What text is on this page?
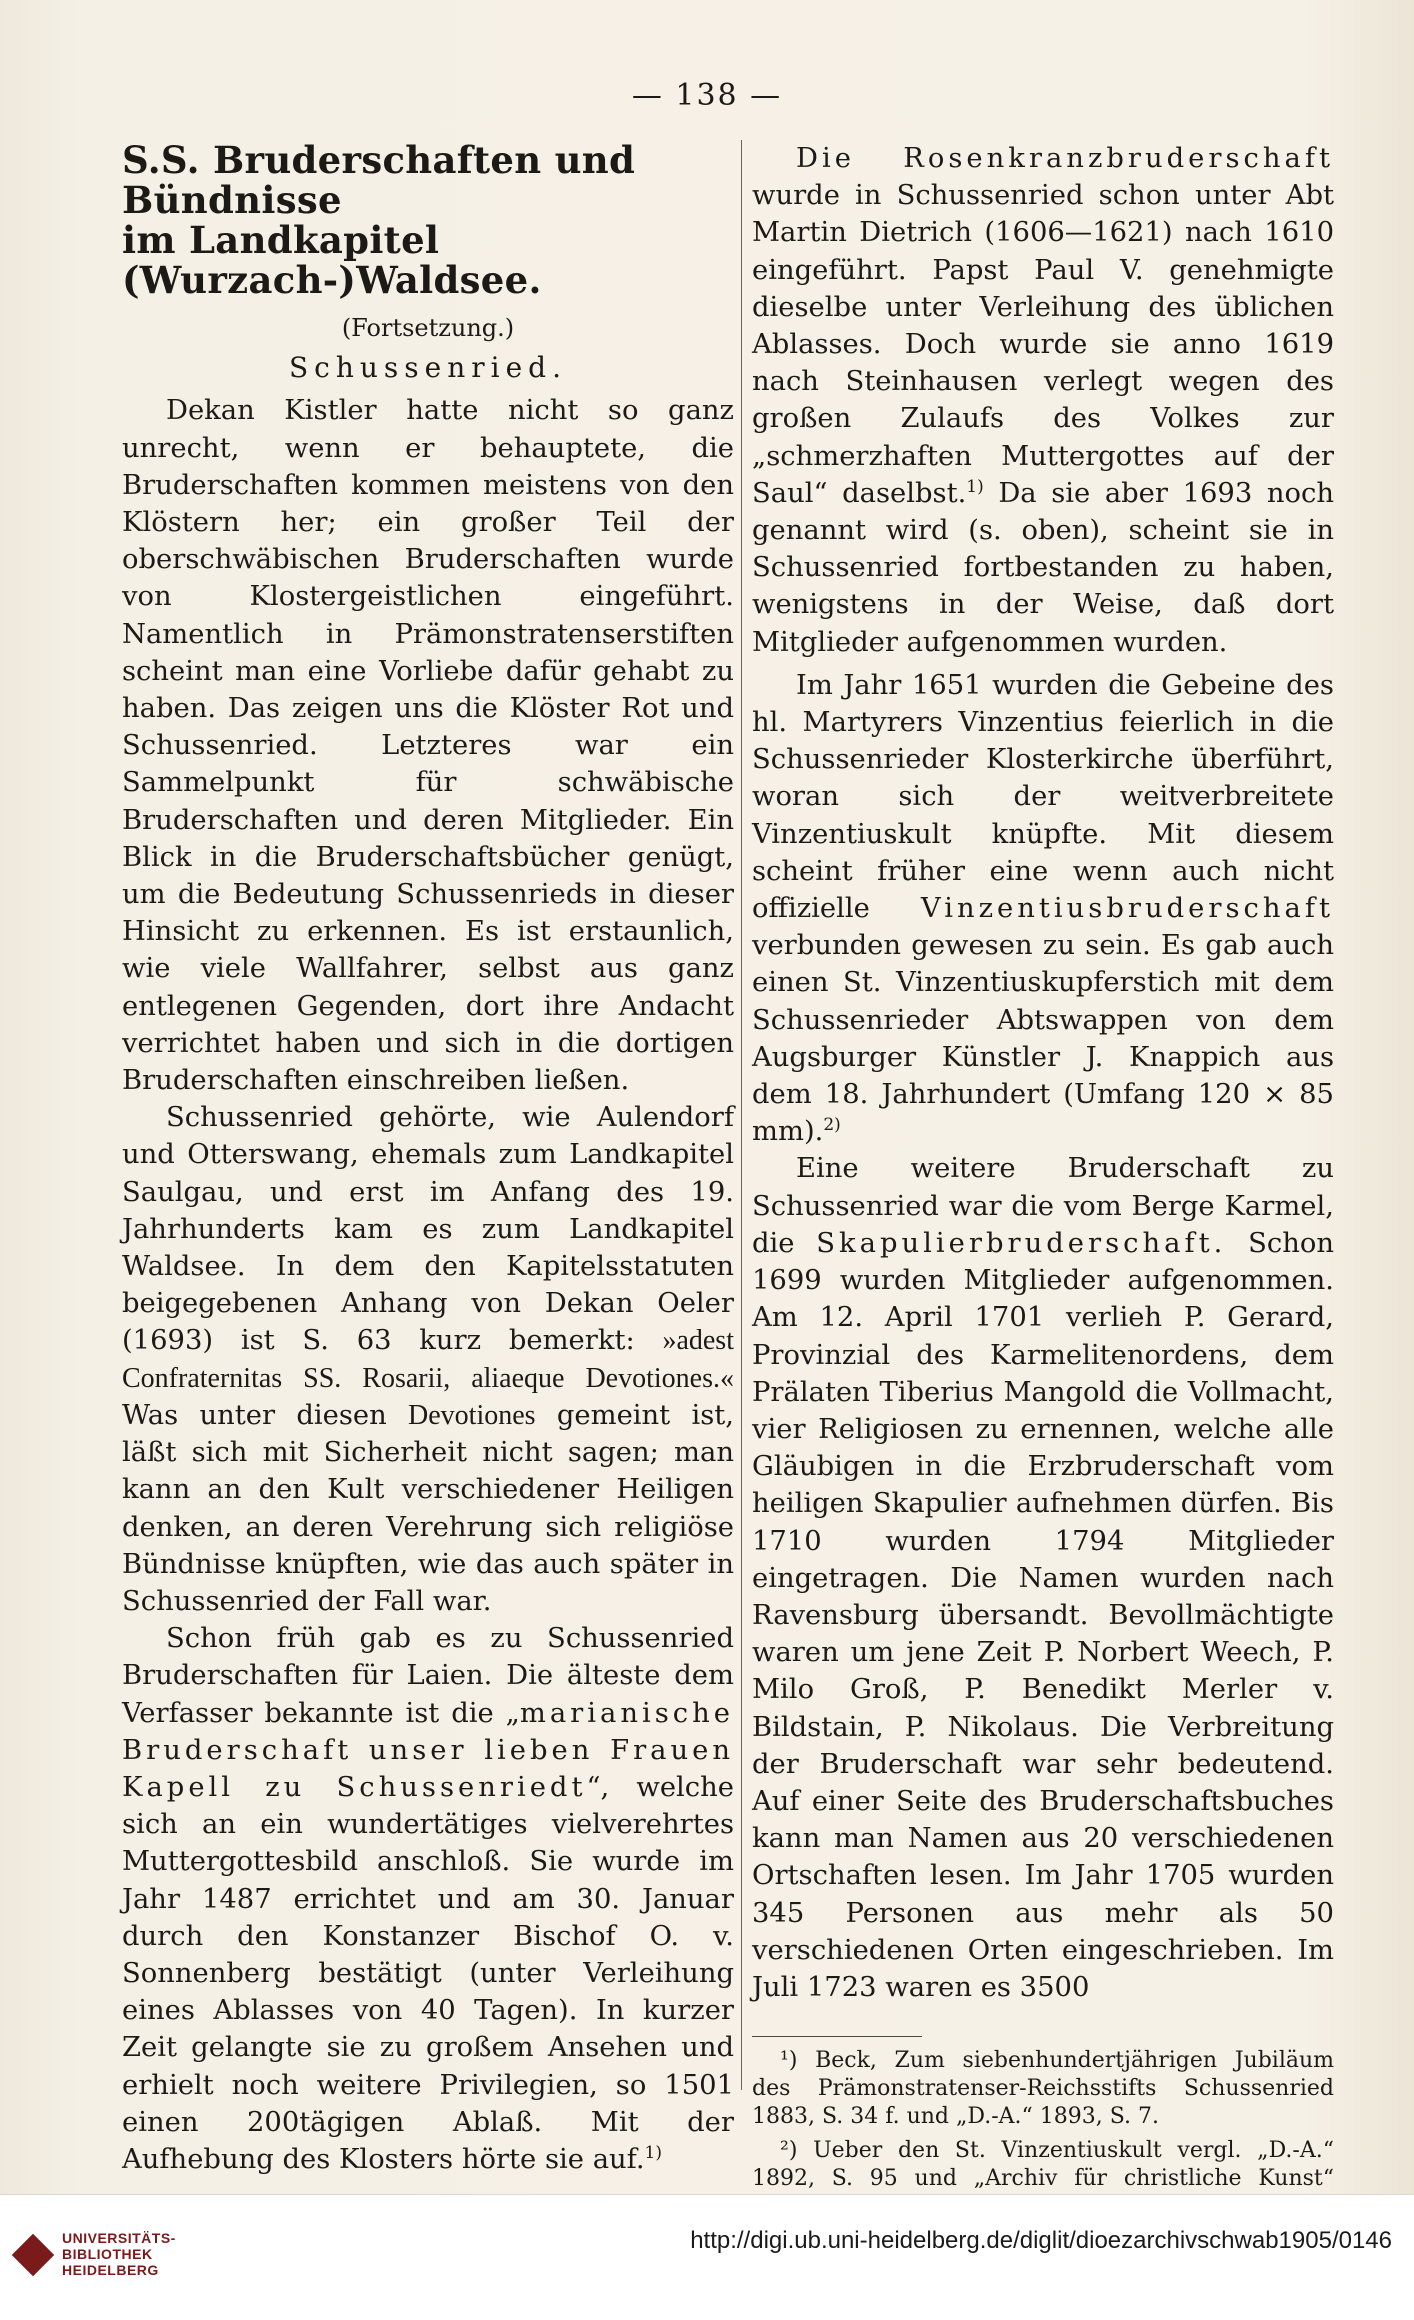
— 138 —
S.S. Bruderschaften und Bündnisse
im Landkapitel (Wurzach-)Waldsee.
(Fortsetzung.)
Schussenried.

Dekan Kistler hatte nicht so ganz unrecht, wenn er behauptete, die Bruderschaften kommen meistens von den Klöstern her; ein großer Teil der oberschwäbischen Bruderschaften wurde von Klostergeistlichen eingeführt. Namentlich in Prämonstratenserstiften scheint man eine Vorliebe dafür gehabt zu haben. Das zeigen uns die Klöster Rot und Schussenried. Letzteres war ein Sammelpunkt für schwäbische Bruderschaften und deren Mitglieder. Ein Blick in die Bruderschaftsbücher genügt, um die Bedeutung Schussenrieds in dieser Hinsicht zu erkennen. Es ist erstaunlich, wie viele Wallfahrer, selbst aus ganz entlegenen Gegenden, dort ihre Andacht verrichtet haben und sich in die dortigen Bruderschaften einschreiben ließen.

Schussenried gehörte, wie Aulendorf und Otterswang, ehemals zum Landkapitel Saulgau, und erst im Anfang des 19. Jahrhunderts kam es zum Landkapitel Waldsee. In dem den Kapitelsstatuten beigegebenen Anhang von Dekan Oeler (1693) ist S. 63 kurz bemerkt: »adest Confraternitas SS. Rosarii, aliaeque Devotiones.« Was unter diesen Devotiones gemeint ist, läßt sich mit Sicherheit nicht sagen; man kann an den Kult verschiedener Heiligen denken, an deren Verehrung sich religiöse Bündnisse knüpften, wie das auch später in Schussenried der Fall war.

Schon früh gab es zu Schussenried Bruderschaften für Laien. Die älteste dem Verfasser bekannte ist die „marianische Bruderschaft unser lieben Frauen Kapell zu Schussenriedt“, welche sich an ein wundertätiges vielverehrtes Muttergottesbild anschloß. Sie wurde im Jahr 1487 errichtet und am 30. Januar durch den Konstanzer Bischof O. v. Sonnenberg bestätigt (unter Verleihung eines Ablasses von 40 Tagen). In kurzer Zeit gelangte sie zu großem Ansehen und erhielt noch weitere Privilegien, so 1501 einen 200tägigen Ablaß. Mit der Aufhebung des Klosters hörte sie auf.$^{1)}$

Die Rosenkranzbruderschaft wurde in Schussenried schon unter Abt Martin Dietrich (1606—1621) nach 1610 eingeführt. Papst Paul V. genehmigte dieselbe unter Verleihung des üblichen Ablasses. Doch wurde sie anno 1619 nach Steinhausen verlegt wegen des großen Zulaufs des Volkes zur „schmerzhaften Muttergottes auf der Saul“ daselbst.$^{1)}$ Da sie aber 1693 noch genannt wird (s. oben), scheint sie in Schussenried fortbestanden zu haben, wenigstens in der Weise, daß dort Mitglieder aufgenommen wurden.

Im Jahr 1651 wurden die Gebeine des hl. Martyrers Vinzentius feierlich in die Schussenrieder Klosterkirche überführt, woran sich der weitverbreitete Vinzentiuskult knüpfte. Mit diesem scheint früher eine wenn auch nicht offizielle Vinzentiusbruderschaft verbunden gewesen zu sein. Es gab auch einen St. Vinzentiuskupferstich mit dem Schussenrieder Abtswappen von dem Augsburger Künstler J. Knappich aus dem 18. Jahrhundert (Umfang 120 × 85 mm).$^{2)}$

Eine weitere Bruderschaft zu Schussenried war die vom Berge Karmel, die Skapulierbruderschaft. Schon 1699 wurden Mitglieder aufgenommen. Am 12. April 1701 verlieh P. Gerard, Provinzial des Karmelitenordens, dem Prälaten Tiberius Mangold die Vollmacht, vier Religiosen zu ernennen, welche alle Gläubigen in die Erzbruderschaft vom heiligen Skapulier aufnehmen dürfen. Bis 1710 wurden 1794 Mitglieder eingetragen. Die Namen wurden nach Ravensburg übersandt. Bevollmächtigte waren um jene Zeit P. Norbert Weech, P. Milo Groß, P. Benedikt Merler v. Bildstain, P. Nikolaus. Die Verbreitung der Bruderschaft war sehr bedeutend. Auf einer Seite des Bruderschaftsbuches kann man Namen aus 20 verschiedenen Ortschaften lesen. Im Jahr 1705 wurden 345 Personen aus mehr als 50 verschiedenen Orten eingeschrieben. Im Juli 1723 waren es 3500

¹) Beck, Zum siebenhundertjährigen Jubiläum des Prämonstratenser-Reichsstifts Schussenried 1883, S. 34 f. und „D.-A.“ 1893, S. 7.
²) Ueber den St. Vinzentiuskult vergl. „D.-A.“ 1892, S. 95 und „Archiv für christliche Kunst“
UNIVERSITÄTS-
BIBLIOTHEK
HEIDELBERG
http://digi.ub.uni-heidelberg.de/diglit/dioezarchivschwab1905/0146
